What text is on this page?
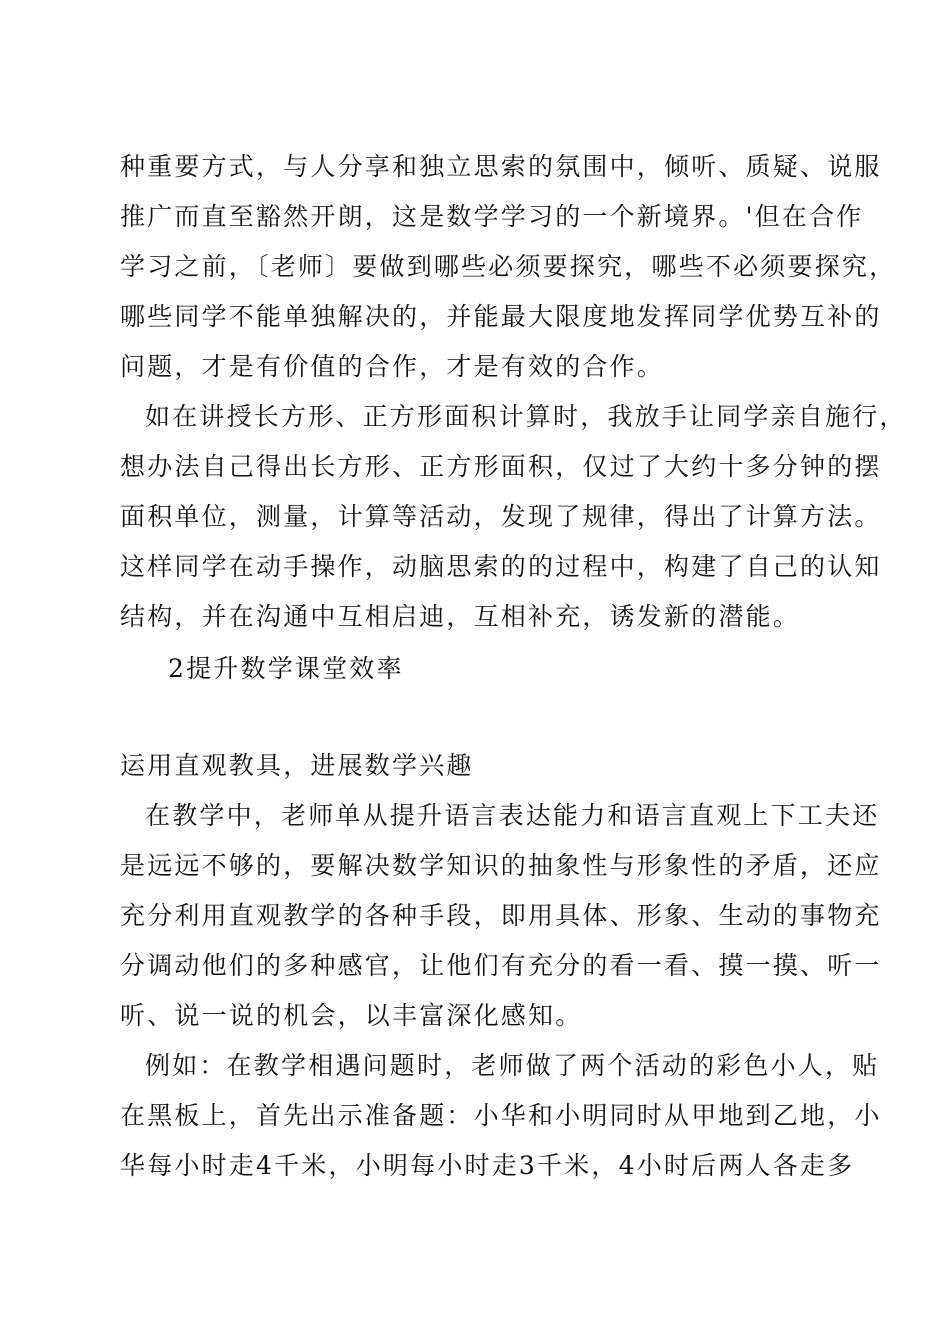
种重要方式，与人分享和独立思索的氛围中，倾听、质疑、说服
推广而直至豁然开朗，这是数学学习的一个新境界。'但在合作
学习之前，〔老师〕要做到哪些必须要探究，哪些不必须要探究，
哪些同学不能单独解决的，并能最大限度地发挥同学优势互补的
问题，才是有价值的合作，才是有效的合作。
如在讲授长方形、正方形面积计算时，我放手让同学亲自施行，
想办法自己得出长方形、正方形面积，仅过了大约十多分钟的摆
面积单位，测量，计算等活动，发现了规律，得出了计算方法。
这样同学在动手操作，动脑思索的的过程中，构建了自己的认知
结构，并在沟通中互相启迪，互相补充，诱发新的潜能。
2提升数学课堂效率
运用直观教具，进展数学兴趣
在教学中，老师单从提升语言表达能力和语言直观上下工夫还
是远远不够的，要解决数学知识的抽象性与形象性的矛盾，还应
充分利用直观教学的各种手段，即用具体、形象、生动的事物充
分调动他们的多种感官，让他们有充分的看一看、摸一摸、听一
听、说一说的机会，以丰富深化感知。
例如：在教学相遇问题时，老师做了两个活动的彩色小人，贴
在黑板上，首先出示准备题：小华和小明同时从甲地到乙地，小
华每小时走4千米，小明每小时走3千米，4小时后两人各走多
